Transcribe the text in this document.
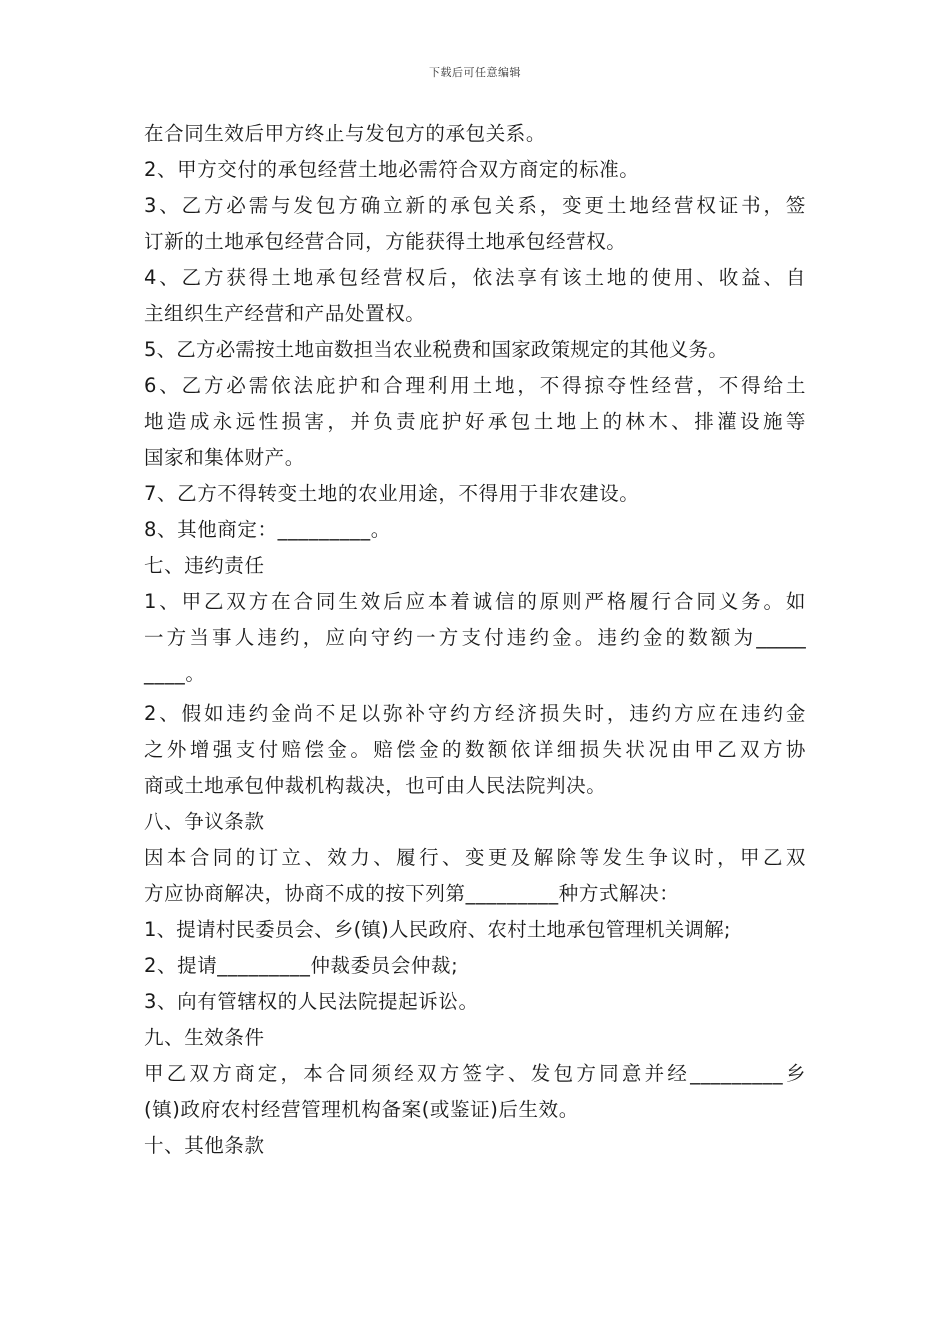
下载后可任意编辑
在合同生效后甲方终止与发包方的承包关系。
2、甲方交付的承包经营土地必需符合双方商定的标准。
3、乙方必需与发包方确立新的承包关系，变更土地经营权证书，签
订新的土地承包经营合同，方能获得土地承包经营权。
4、乙方获得土地承包经营权后，依法享有该土地的使用、收益、自
主组织生产经营和产品处置权。
5、乙方必需按土地亩数担当农业税费和国家政策规定的其他义务。
6、乙方必需依法庇护和合理利用土地，不得掠夺性经营，不得给土
地造成永远性损害，并负责庇护好承包土地上的林木、排灌设施等
国家和集体财产。
7、乙方不得转变土地的农业用途，不得用于非农建设。
8、其他商定：_________。
七、违约责任
1、甲乙双方在合同生效后应本着诚信的原则严格履行合同义务。如
一方当事人违约，应向守约一方支付违约金。违约金的数额为_____
____。
2、假如违约金尚不足以弥补守约方经济损失时，违约方应在违约金
之外增强支付赔偿金。赔偿金的数额依详细损失状况由甲乙双方协
商或土地承包仲裁机构裁决，也可由人民法院判决。
八、争议条款
因本合同的订立、效力、履行、变更及解除等发生争议时，甲乙双
方应协商解决，协商不成的按下列第_________种方式解决：
1、提请村民委员会、乡(镇)人民政府、农村土地承包管理机关调解;
2、提请_________仲裁委员会仲裁;
3、向有管辖权的人民法院提起诉讼。
九、生效条件
甲乙双方商定，本合同须经双方签字、发包方同意并经_________乡
(镇)政府农村经营管理机构备案(或鉴证)后生效。
十、其他条款
